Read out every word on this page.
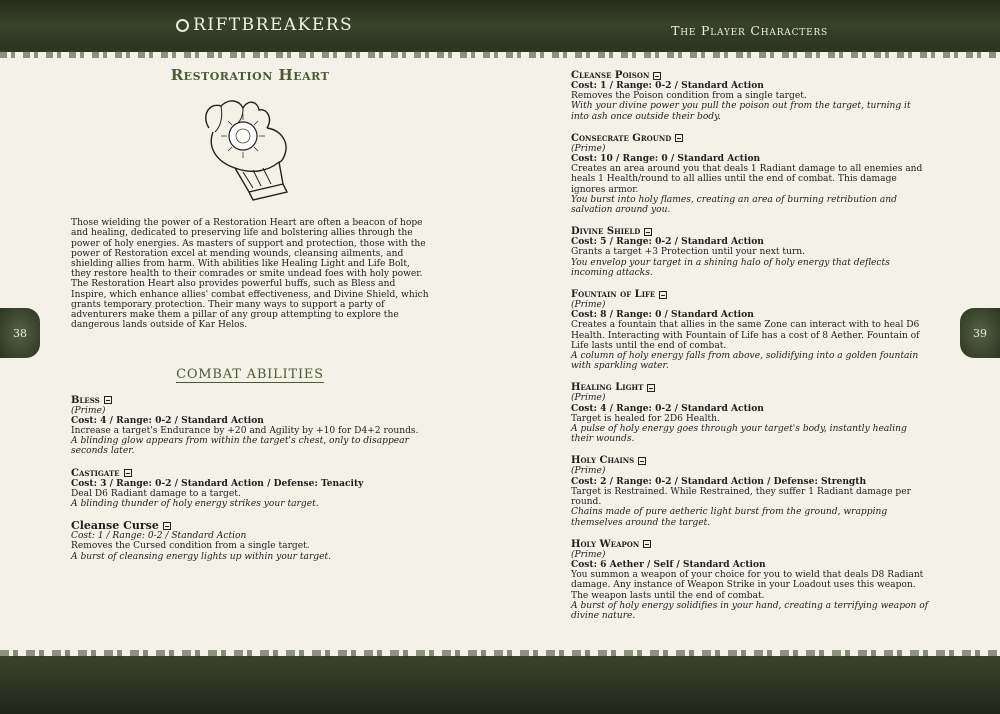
RIFTBREAKERS	The Player Characters
38	39
Restoration Heart

Those wielding the power of a Restoration Heart are often a beacon of hope and healing, dedicated to preserving life and bolstering allies through the power of holy energies. As masters of support and protection, those with the power of Restoration excel at mending wounds, cleansing ailments, and shielding allies from harm. With abilities like Healing Light and Life Bolt, they restore health to their comrades or smite undead foes with holy power. The Restoration Heart also provides powerful buffs, such as Bless and Inspire, which enhance allies' combat effectiveness, and Divine Shield, which grants temporary protection. Their many ways to support a party of adventurers make them a pillar of any group attempting to explore the dangerous lands outside of Kar Helos.

COMBAT ABILITIES
Bless
(Prime)
Cost: 4 / Range: 0-2 / Standard Action
Increase a target's Endurance by +20 and Agility by +10 for D4+2 rounds.
A blinding glow appears from within the target's chest, only to disappear seconds later.
Castigate
Cost: 3 / Range: 0-2 / Standard Action / Defense: Tenacity
Deal D6 Radiant damage to a target.
A blinding thunder of holy energy strikes your target.
Cleanse Curse
Cost: 1 / Range: 0-2 / Standard Action
Removes the Cursed condition from a single target.
A burst of cleansing energy lights up within your target.
Cleanse Poison
Cost: 1 / Range: 0-2 / Standard Action
Removes the Poison condition from a single target.
With your divine power you pull the poison out from the target, turning it into ash once outside their body.
Consecrate Ground
(Prime)
Cost: 10 / Range: 0 / Standard Action
Creates an area around you that deals 1 Radiant damage to all enemies and heals 1 Health/round to all allies until the end of combat. This damage ignores armor.
You burst into holy flames, creating an area of burning retribution and salvation around you.
Divine Shield
Cost: 5 / Range: 0-2 / Standard Action
Grants a target +3 Protection until your next turn.
You envelop your target in a shining halo of holy energy that deflects incoming attacks.
Fountain of Life
(Prime)
Cost: 8 / Range: 0 / Standard Action
Creates a fountain that allies in the same Zone can interact with to heal D6 Health. Interacting with Fountain of Life has a cost of 8 Aether. Fountain of Life lasts until the end of combat.
A column of holy energy falls from above, solidifying into a golden fountain with sparkling water.
Healing Light
(Prime)
Cost: 4 / Range: 0-2 / Standard Action
Target is healed for 2D6 Health.
A pulse of holy energy goes through your target's body, instantly healing their wounds.
Holy Chains
(Prime)
Cost: 2 / Range: 0-2 / Standard Action / Defense: Strength
Target is Restrained. While Restrained, they suffer 1 Radiant damage per round.
Chains made of pure aetheric light burst from the ground, wrapping themselves around the target.
Holy Weapon
(Prime)
Cost: 6 Aether / Self / Standard Action
You summon a weapon of your choice for you to wield that deals D8 Radiant damage. Any instance of Weapon Strike in your Loadout uses this weapon. The weapon lasts until the end of combat.
A burst of holy energy solidifies in your hand, creating a terrifying weapon of divine nature.
